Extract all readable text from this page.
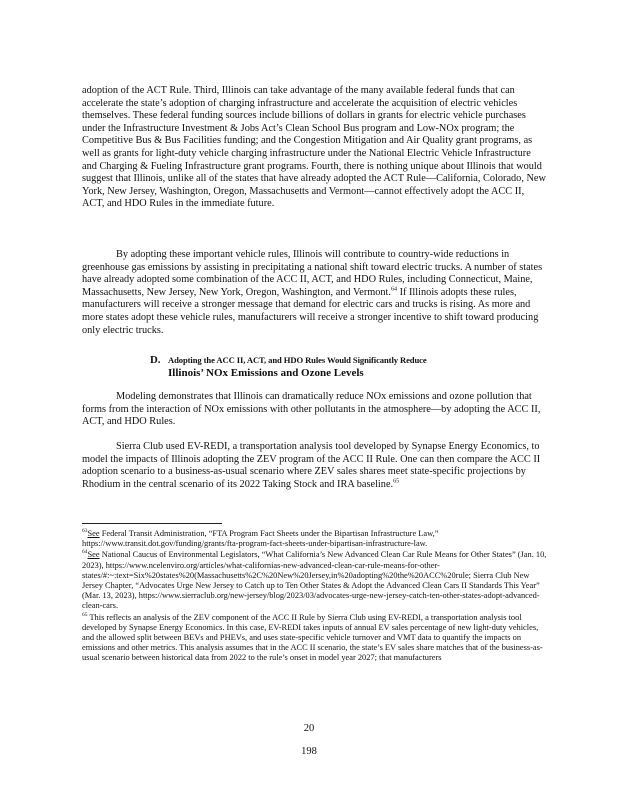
adoption of the ACT Rule. Third, Illinois can take advantage of the many available federal funds that can accelerate the state’s adoption of charging infrastructure and accelerate the acquisition of electric vehicles themselves. These federal funding sources include billions of dollars in grants for electric vehicle purchases under the Infrastructure Investment & Jobs Act’s Clean School Bus program and Low-NOx program; the Competitive Bus & Bus Facilities funding; and the Congestion Mitigation and Air Quality grant programs, as well as grants for light-duty vehicle charging infrastructure under the National Electric Vehicle Infrastructure and Charging & Fueling Infrastructure grant programs. Fourth, there is nothing unique about Illinois that would suggest that Illinois, unlike all of the states that have already adopted the ACT Rule—California, Colorado, New York, New Jersey, Washington, Oregon, Massachusetts and Vermont—cannot effectively adopt the ACC II, ACT, and HDO Rules in the immediate future.

By adopting these important vehicle rules, Illinois will contribute to country-wide reductions in greenhouse gas emissions by assisting in precipitating a national shift toward electric trucks. A number of states have already adopted some combination of the ACC II, ACT, and HDO Rules, including Connecticut, Maine, Massachusetts, New Jersey, New York, Oregon, Washington, and Vermont.$^{64}$ If Illinois adopts these rules, manufacturers will receive a stronger message that demand for electric cars and trucks is rising. As more and more states adopt these vehicle rules, manufacturers will receive a stronger incentive to shift toward producing only electric trucks.

D. Adopting the ACC II, ACT, and HDO Rules Would Significantly Reduce
Illinois’ NOx Emissions and Ozone Levels

Modeling demonstrates that Illinois can dramatically reduce NOx emissions and ozone pollution that forms from the interaction of NOx emissions with other pollutants in the atmosphere—by adopting the ACC II, ACT, and HDO Rules.

Sierra Club used EV-REDI, a transportation analysis tool developed by Synapse Energy Economics, to model the impacts of Illinois adopting the ZEV program of the ACC II Rule. One can then compare the ACC II adoption scenario to a business-as-usual scenario where ZEV sales shares meet state-specific projections by Rhodium in the central scenario of its 2022 Taking Stock and IRA baseline.$^{65}$

$^{63}$See Federal Transit Administration, “FTA Program Fact Sheets under the Bipartisan Infrastructure Law,” https://www.transit.dot.gov/funding/grants/fta-program-fact-sheets-under-bipartisan-infrastructure-law.

$^{64}$See National Caucus of Environmental Legislators, “What California’s New Advanced Clean Car Rule Means for Other States” (Jan. 10, 2023), https://www.ncelenviro.org/articles/what-californias-new-advanced-clean-car-rule-means-for-other-states/#:~:text=Six%20states%20(Massachusetts%2C%20New%20Jersey,in%20adopting%20the%20ACC%20rule; Sierra Club New Jersey Chapter, “Advocates Urge New Jersey to Catch up to Ten Other States & Adopt the Advanced Clean Cars II Standards This Year” (Mar. 13, 2023), https://www.sierraclub.org/new-jersey/blog/2023/03/advocates-urge-new-jersey-catch-ten-other-states-adopt-advanced-clean-cars.

$^{65}$ This reflects an analysis of the ZEV component of the ACC II Rule by Sierra Club using EV-REDI, a transportation analysis tool developed by Synapse Energy Economics. In this case, EV-REDI takes inputs of annual EV sales percentage of new light-duty vehicles, and the allowed split between BEVs and PHEVs, and uses state-specific vehicle turnover and VMT data to quantify the impacts on emissions and other metrics. This analysis assumes that in the ACC II scenario, the state’s EV sales share matches that of the business-as-usual scenario between historical data from 2022 to the rule’s onset in model year 2027; that manufacturers

20

198
